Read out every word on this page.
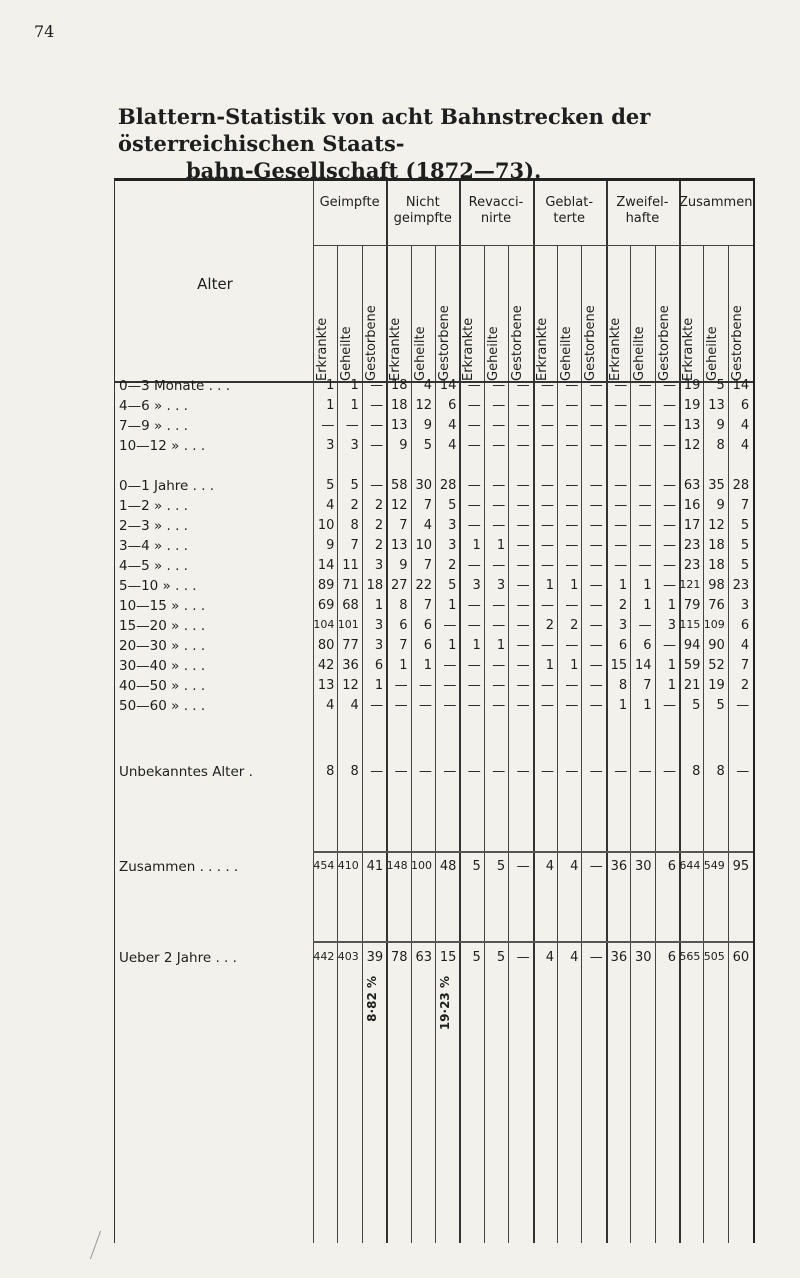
74
Blattern-Statistik von acht Bahnstrecken der österreichischen Staats-
bahn-Gesellschaft (1872—73).
Alter
Geimpfte	Nicht geimpfte
Revacci-nirte
Geblat-terte
Zweifel-hafte
Zusammen
Erkrankte Geheilte Gestorbene Erkrankte Geheilte Gestorbene Erkrankte Geheilte Gestorbene Erkrankte Geheilte Gestorbene Erkrankte Geheilte Gestorbene Erkrankte Geheilte Gestorbene
0—3 Monate . . .	1	1 — 18	4 14 — — — — — — — — — 19	5 14
4—6 » . . .	1	1 — 18 12	6 — — — — — — — — — 19 13	6
7—9 » . . .	— — — 13	9	4 — — — — — — — — — 13	9	4
10—12 » . . .	3	3 —	9	5	4 — — — — — — — — — 12	8	4
0—1 Jahre . . .	5	5 — 58 30 28 — — — — — — — — — 63 35 28
1—2 » . . .	4	2	2 12	7	5 — — — — — — — — — 16	9	7
2—3 » . . .	10	8	2	7	4	3 — — — — — — — — — 17 12	5
3—4 » . . .	9	7	2 13 10	3	1	1 — — — — — — — 23 18	5
4—5 » . . .	14 11	3	9	7	2 — — — — — — — — — 23 18	5
5—10 » . . .	89 71 18 27 22	5	3	3 —	1	1 —	1	1 — 121 98 23
10—15 » . . .	69 68	1	8	7	1 — — — — — —	2	1	1 79 76	3
15—20 » . . .	104 101	3	6	6 — — — —	2	2 —	3 —	3 115 109	6
20—30 » . . .	80 77	3	7	6	1	1	1 — — — —	6	6 — 94 90	4
30—40 » . . .	42 36	6	1	1 — — — —	1	1 — 15 14	1 59 52	7
40—50 » . . .	13 12	1 — — — — — — — — —	8	7	1 21 19	2
50—60 » . . .	4	4 — — — — — — — — — —	1	1 —	5	5 —
Unbekanntes Alter .	8	8 — — — — — — — — — — — — —	8	8 —
Zusammen . . . . .	454 410 41 148 100 48	5	5 —	4	4 — 36 30	6 644 549 95
Ueber 2 Jahre . . .	442 403 39 78 63 15	5	5 —	4	4 — 36 30	6 565 505 60
8·82 %	19·23 %
